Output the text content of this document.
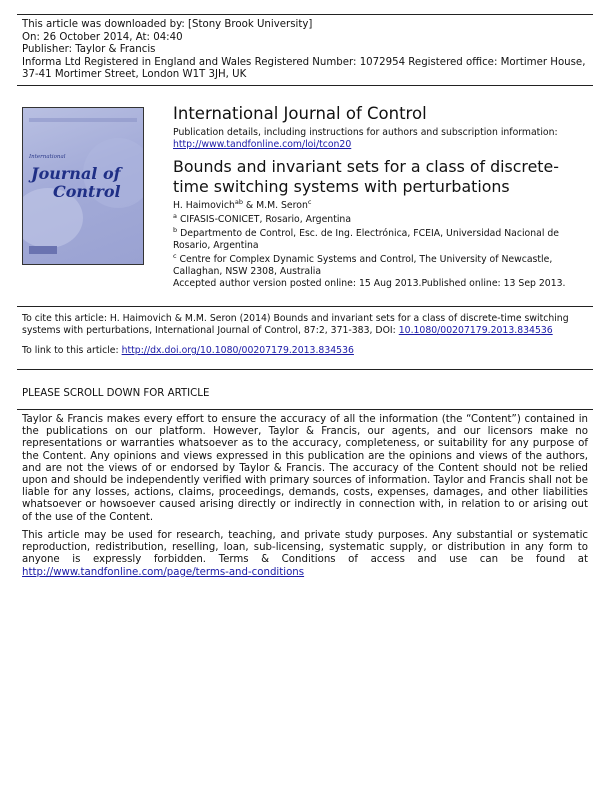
This article was downloaded by: [Stony Brook University]
On: 26 October 2014, At: 04:40
Publisher: Taylor & Francis
Informa Ltd Registered in England and Wales Registered Number: 1072954 Registered office: Mortimer House,
37-41 Mortimer Street, London W1T 3JH, UK
International
Journal of
Control
International Journal of Control
Publication details, including instructions for authors and subscription information:
http://www.tandfonline.com/loi/tcon20
Bounds and invariant sets for a class of discrete-time switching systems with perturbations
H. Haimovich$^{ab}$ & M.M. Seron$^c$
$^a$ CIFASIS-CONICET, Rosario, Argentina
$^b$ Departmento de Control, Esc. de Ing. Electrónica, FCEIA, Universidad Nacional de Rosario, Argentina
$^c$ Centre for Complex Dynamic Systems and Control, The University of Newcastle, Callaghan, NSW 2308, Australia
Accepted author version posted online: 15 Aug 2013.Published online: 13 Sep 2013.
To cite this article: H. Haimovich & M.M. Seron (2014) Bounds and invariant sets for a class of discrete-time switching systems with perturbations, International Journal of Control, 87:2, 371-383, DOI: 10.1080/00207179.2013.834536
To link to this article: http://dx.doi.org/10.1080/00207179.2013.834536
PLEASE SCROLL DOWN FOR ARTICLE
Taylor & Francis makes every effort to ensure the accuracy of all the information (the “Content”) contained in the publications on our platform. However, Taylor & Francis, our agents, and our licensors make no representations or warranties whatsoever as to the accuracy, completeness, or suitability for any purpose of the Content. Any opinions and views expressed in this publication are the opinions and views of the authors, and are not the views of or endorsed by Taylor & Francis. The accuracy of the Content should not be relied upon and should be independently verified with primary sources of information. Taylor and Francis shall not be liable for any losses, actions, claims, proceedings, demands, costs, expenses, damages, and other liabilities whatsoever or howsoever caused arising directly or indirectly in connection with, in relation to or arising out of the use of the Content.
This article may be used for research, teaching, and private study purposes. Any substantial or systematic reproduction, redistribution, reselling, loan, sub-licensing, systematic supply, or distribution in any form to anyone is expressly forbidden. Terms & Conditions of access and use can be found at http://www.tandfonline.com/page/terms-and-conditions
